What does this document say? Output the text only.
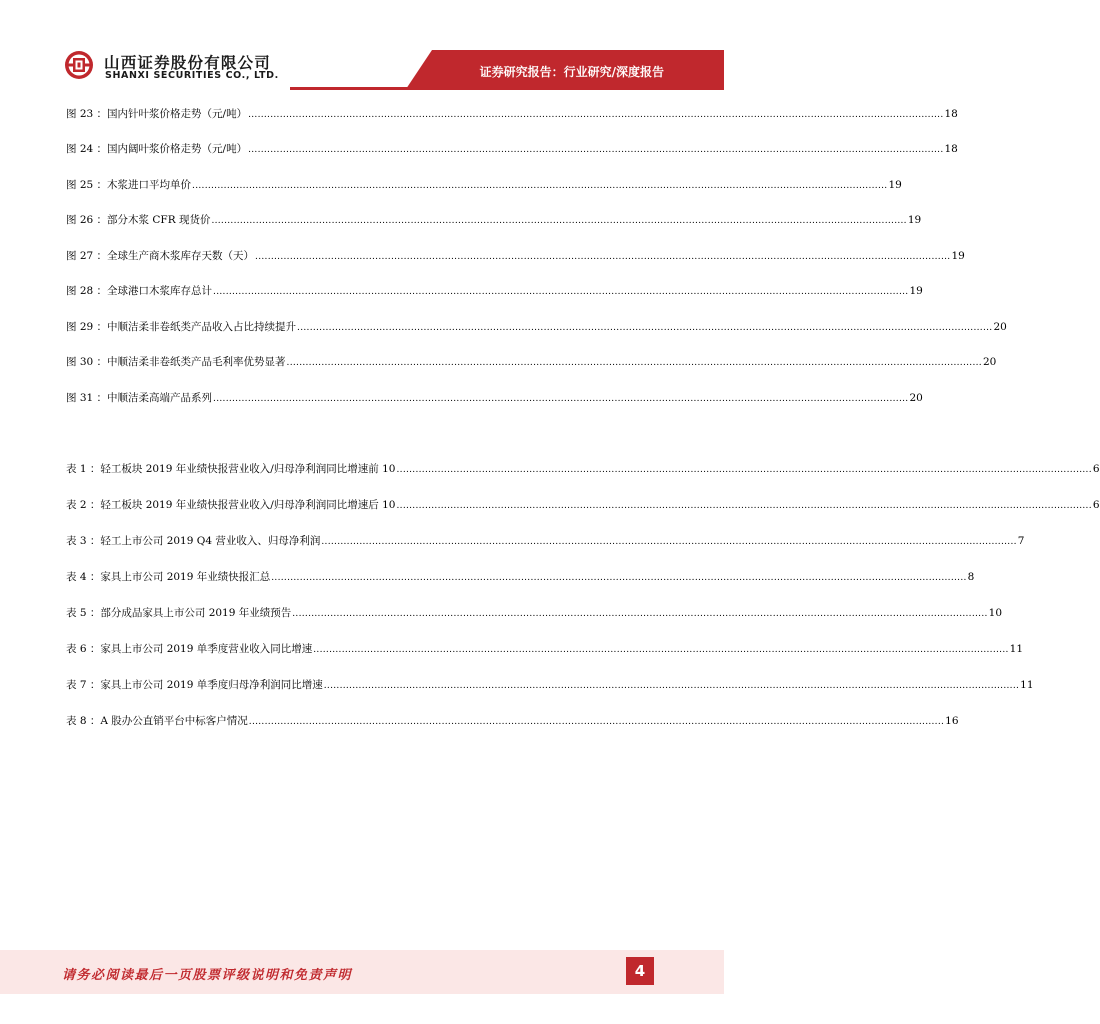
山西证券股份有限公司
SHANXI SECURITIES CO., LTD.	证券研究报告：行业研究/深度报告
图 23 ： 国内针叶浆价格走势（元/吨） ............................................................................................................................................................................................................................ 18
图 24 ： 国内阔叶浆价格走势（元/吨） ............................................................................................................................................................................................................................ 18
图 25 ： 木浆进口平均单价 ............................................................................................................................................................................................................................ 19
图 26 ： 部分木浆 CFR 现货价 ............................................................................................................................................................................................................................ 19
图 27 ： 全球生产商木浆库存天数（天） ............................................................................................................................................................................................................................ 19
图 28 ： 全球港口木浆库存总计 ............................................................................................................................................................................................................................ 19
图 29 ： 中顺洁柔非卷纸类产品收入占比持续提升 ............................................................................................................................................................................................................................ 20
图 30 ： 中顺洁柔非卷纸类产品毛利率优势显著 ............................................................................................................................................................................................................................ 20
图 31 ： 中顺洁柔高端产品系列 ............................................................................................................................................................................................................................ 20
表 1 ： 轻工板块 2019 年业绩快报营业收入/归母净利润同比增速前 10 ............................................................................................................................................................................................................................ 6
表 2 ： 轻工板块 2019 年业绩快报营业收入/归母净利润同比增速后 10 ............................................................................................................................................................................................................................ 6
表 3 ： 轻工上市公司 2019 Q4 营业收入、归母净利润 ............................................................................................................................................................................................................................ 7
表 4 ： 家具上市公司 2019 年业绩快报汇总 ............................................................................................................................................................................................................................ 8
表 5 ： 部分成品家具上市公司 2019 年业绩预告 ............................................................................................................................................................................................................................ 10
表 6 ： 家具上市公司 2019 单季度营业收入同比增速 ............................................................................................................................................................................................................................ 11
表 7 ： 家具上市公司 2019 单季度归母净利润同比增速 ............................................................................................................................................................................................................................ 11
表 8 ： A 股办公直销平台中标客户情况 ............................................................................................................................................................................................................................ 16
请务必阅读最后一页股票评级说明和免责声明	4
